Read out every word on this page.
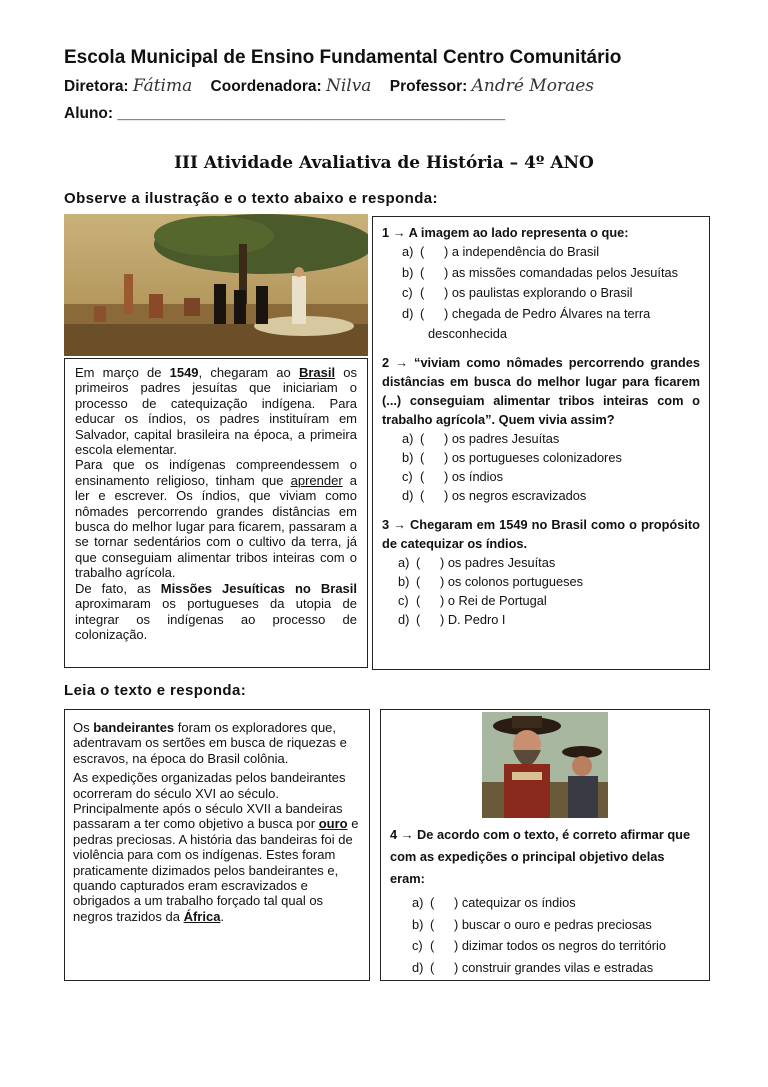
Escola Municipal de Ensino Fundamental Centro Comunitário
Diretora: Fátima Coordenadora: Nilva Professor: André Moraes
Aluno: _____________________________________________
III Atividade Avaliativa de História – 4º ANO
Observe a ilustração e o texto abaixo e responda:

Em março de 1549, chegaram ao Brasil os primeiros padres jesuítas que iniciariam o processo de catequização indígena. Para educar os índios, os padres instituíram em Salvador, capital brasileira na época, a primeira escola elementar.

Para que os indígenas compreendessem o ensinamento religioso, tinham que aprender a ler e escrever. Os índios, que viviam como nômades percorrendo grandes distâncias em busca do melhor lugar para ficarem, passaram a se tornar sedentários com o cultivo da terra, já que conseguiam alimentar tribos inteiras com o trabalho agrícola.

De fato, as Missões Jesuíticas no Brasil aproximaram os portugueses da utopia de integrar os indígenas ao processo de colonização.

1 → A imagem ao lado representa o que:
a) ( ) a independência do Brasil
b) ( ) as missões comandadas pelos Jesuítas
c) ( ) os paulistas explorando o Brasil
d) ( ) chegada de Pedro Álvares na terra
desconhecida
2 → “viviam como nômades percorrendo grandes distâncias em busca do melhor lugar para ficarem (...) conseguiam alimentar tribos inteiras com o trabalho agrícola”. Quem vivia assim?
a) ( ) os padres Jesuítas
b) ( ) os portugueses colonizadores
c) ( ) os índios
d) ( ) os negros escravizados
3 → Chegaram em 1549 no Brasil como o propósito de catequizar os índios.
a) ( ) os padres Jesuítas
b) ( ) os colonos portugueses
c) ( ) o Rei de Portugal
d) ( ) D. Pedro I
Leia o texto e responda:

Os bandeirantes foram os exploradores que, adentravam os sertões em busca de riquezas e escravos, na época do Brasil colônia.

As expedições organizadas pelos bandeirantes ocorreram do século XVI ao século. Principalmente após o século XVII a bandeiras passaram a ter como objetivo a busca por ouro e pedras preciosas. A história das bandeiras foi de violência para com os indígenas. Estes foram praticamente dizimados pelos bandeirantes e, quando capturados eram escravizados e obrigados a um trabalho forçado tal qual os negros trazidos da África.

4 → De acordo com o texto, é correto afirmar que com as expedições o principal objetivo delas eram:
a) ( ) catequizar os índios
b) ( ) buscar o ouro e pedras preciosas
c) ( ) dizimar todos os negros do território
d) ( ) construir grandes vilas e estradas
